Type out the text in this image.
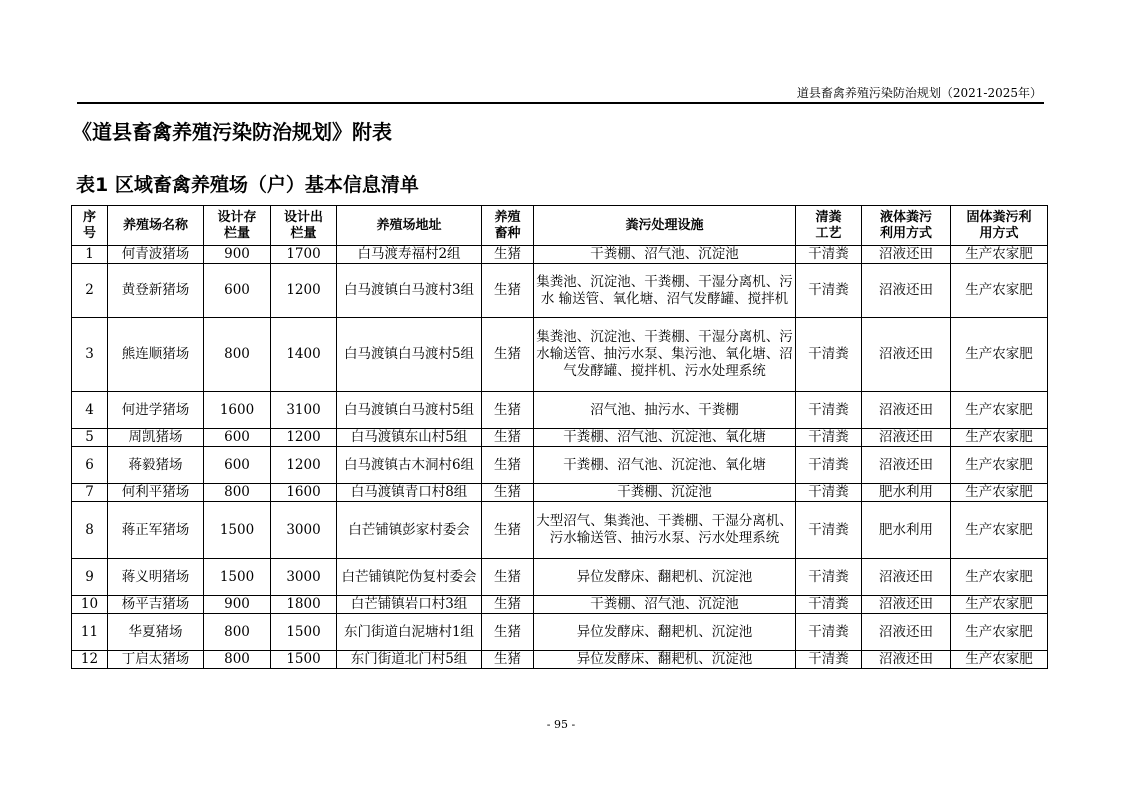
道县畜禽养殖污染防治规划（2021-2025年）
《道县畜禽养殖污染防治规划》附表
表1 区域畜禽养殖场（户）基本信息清单
序号	养殖场名称	设计存栏量	设计出栏量	养殖场地址	养殖畜种	粪污处理设施	清粪工艺	液体粪污利用方式	固体粪污利用方式
1	何青波猪场	900	1700	白马渡寿福村2组	生猪	干粪棚、沼气池、沉淀池	干清粪	沼液还田	生产农家肥
2	黄登新猪场	600	1200	白马渡镇白马渡村3组	生猪	集粪池、沉淀池、干粪棚、干湿分离机、污水 输送管、氧化塘、沼气发酵罐、搅拌机	干清粪	沼液还田	生产农家肥
3	熊连顺猪场	800	1400	白马渡镇白马渡村5组	生猪	集粪池、沉淀池、干粪棚、干湿分离机、污水输送管、抽污水泵、集污池、氧化塘、沼气发酵罐、搅拌机、污水处理系统	干清粪	沼液还田	生产农家肥
4	何进学猪场	1600	3100	白马渡镇白马渡村5组	生猪	沼气池、抽污水、干粪棚	干清粪	沼液还田	生产农家肥
5	周凯猪场	600	1200	白马渡镇东山村5组	生猪	干粪棚、沼气池、沉淀池、氧化塘	干清粪	沼液还田	生产农家肥
6	蒋毅猪场	600	1200	白马渡镇古木洞村6组	生猪	干粪棚、沼气池、沉淀池、氧化塘	干清粪	沼液还田	生产农家肥
7	何利平猪场	800	1600	白马渡镇青口村8组	生猪	干粪棚、沉淀池	干清粪	肥水利用	生产农家肥
8	蒋正军猪场	1500	3000	白芒铺镇彭家村委会	生猪	大型沼气、集粪池、干粪棚、干湿分离机、 污水输送管、抽污水泵、污水处理系统	干清粪	肥水利用	生产农家肥
9	蒋义明猪场	1500	3000	白芒铺镇陀伪复村委会	生猪	异位发酵床、翻耙机、沉淀池	干清粪	沼液还田	生产农家肥
10	杨平吉猪场	900	1800	白芒铺镇岩口村3组	生猪	干粪棚、沼气池、沉淀池	干清粪	沼液还田	生产农家肥
11	华夏猪场	800	1500	东门街道白泥塘村1组	生猪	异位发酵床、翻耙机、沉淀池	干清粪	沼液还田	生产农家肥
12	丁启太猪场	800	1500	东门街道北门村5组	生猪	异位发酵床、翻耙机、沉淀池	干清粪	沼液还田	生产农家肥
- 95 -
